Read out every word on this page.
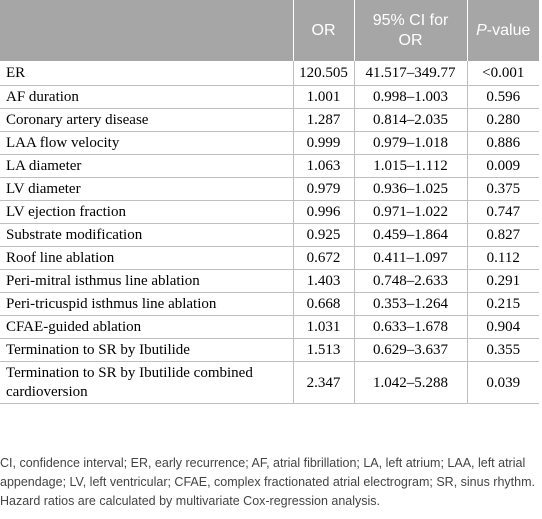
	OR	95% CI for OR	P-value
ER	120.505	41.517–349.77	<0.001
AF duration	1.001	0.998–1.003	0.596
Coronary artery disease	1.287	0.814–2.035	0.280
LAA flow velocity	0.999	0.979–1.018	0.886
LA diameter	1.063	1.015–1.112	0.009
LV diameter	0.979	0.936–1.025	0.375
LV ejection fraction	0.996	0.971–1.022	0.747
Substrate modification	0.925	0.459–1.864	0.827
Roof line ablation	0.672	0.411–1.097	0.112
Peri-mitral isthmus line ablation	1.403	0.748–2.633	0.291
Peri-tricuspid isthmus line ablation	0.668	0.353–1.264	0.215
CFAE-guided ablation	1.031	0.633–1.678	0.904
Termination to SR by Ibutilide	1.513	0.629–3.637	0.355
Termination to SR by Ibutilide combined cardioversion	2.347	1.042–5.288	0.039

CI, confidence interval; ER, early recurrence; AF, atrial fibrillation; LA, left atrium; LAA, left atrial appendage; LV, left ventricular; CFAE, complex fractionated atrial electrogram; SR, sinus rhythm.

Hazard ratios are calculated by multivariate Cox-regression analysis.
